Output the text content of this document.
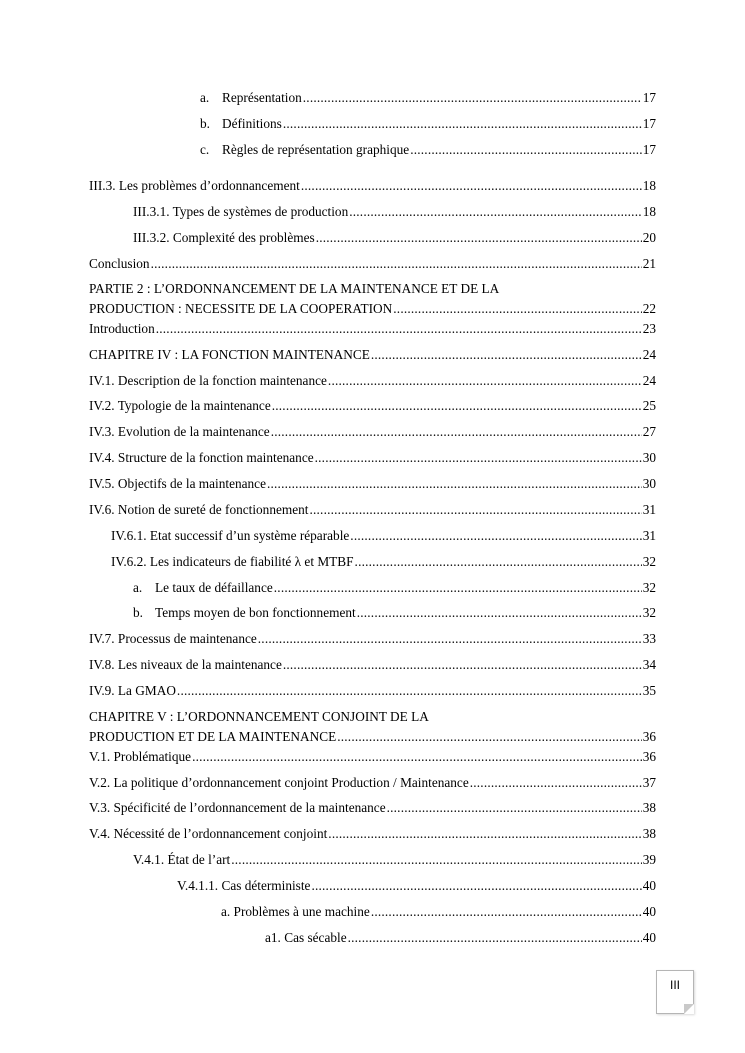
a. Représentation .....	17
b. Définitions .....	17
c. Règles de représentation graphique .....	17
III.3. Les problèmes d’ordonnancement .....	18
III.3.1. Types de systèmes de production .....	18
III.3.2. Complexité des problèmes .....	20
Conclusion .....	21
PARTIE 2 : L’ORDONNANCEMENT DE LA MAINTENANCE ET DE LA
PRODUCTION : NECESSITE DE LA COOPERATION .....	22
Introduction .....	23
CHAPITRE IV : LA FONCTION MAINTENANCE .....	24
IV.1. Description de la fonction maintenance .....	24
IV.2. Typologie de la maintenance .....	25
IV.3. Evolution de la maintenance .....	27
IV.4. Structure de la fonction maintenance .....	30
IV.5. Objectifs de la maintenance .....	30
IV.6. Notion de sureté de fonctionnement .....	31
IV.6.1. Etat successif d’un système réparable .....	31
IV.6.2. Les indicateurs de fiabilité λ et MTBF .....	32
a. Le taux de défaillance .....	32
b. Temps moyen de bon fonctionnement .....	32
IV.7. Processus de maintenance .....	33
IV.8. Les niveaux de la maintenance .....	34
IV.9. La GMAO .....	35
CHAPITRE V : L’ORDONNANCEMENT CONJOINT DE LA
PRODUCTION ET DE LA MAINTENANCE .....	36
V.1. Problématique .....	36
V.2. La politique d’ordonnancement conjoint Production / Maintenance .....	37
V.3. Spécificité de l’ordonnancement de la maintenance .....	38
V.4. Nécessité de l’ordonnancement conjoint .....	38
V.4.1. État de l’art .....	39
V.4.1.1. Cas déterministe .....	40
a. Problèmes à une machine .....	40
a1. Cas sécable .....	40
III
